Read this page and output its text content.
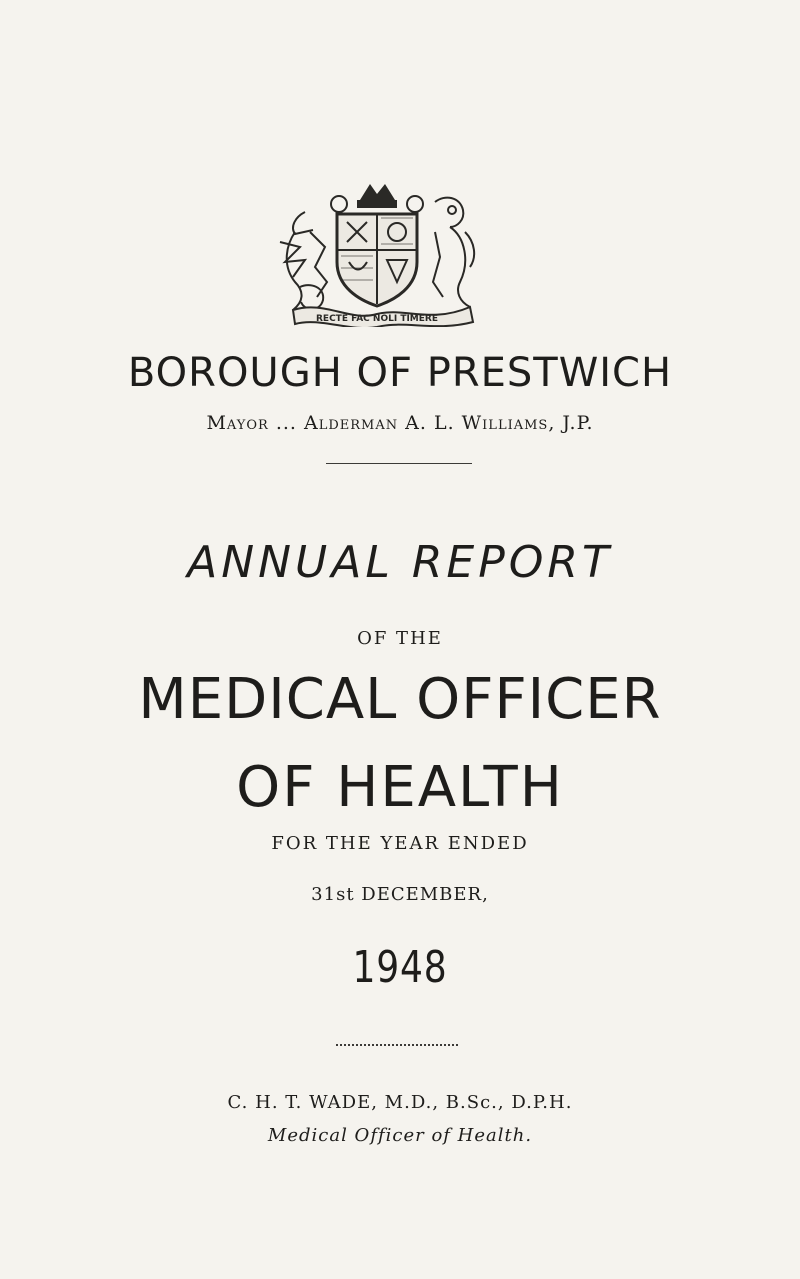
RECTE FAC NOLI TIMERE
BOROUGH OF PRESTWICH
Mayor ... Alderman A. L. Williams, J.P.
ANNUAL REPORT
OF THE
MEDICAL OFFICER
OF HEALTH
FOR THE YEAR ENDED
31st DECEMBER,
1948
C. H. T. WADE, M.D., B.Sc., D.P.H.
Medical Officer of Health.
